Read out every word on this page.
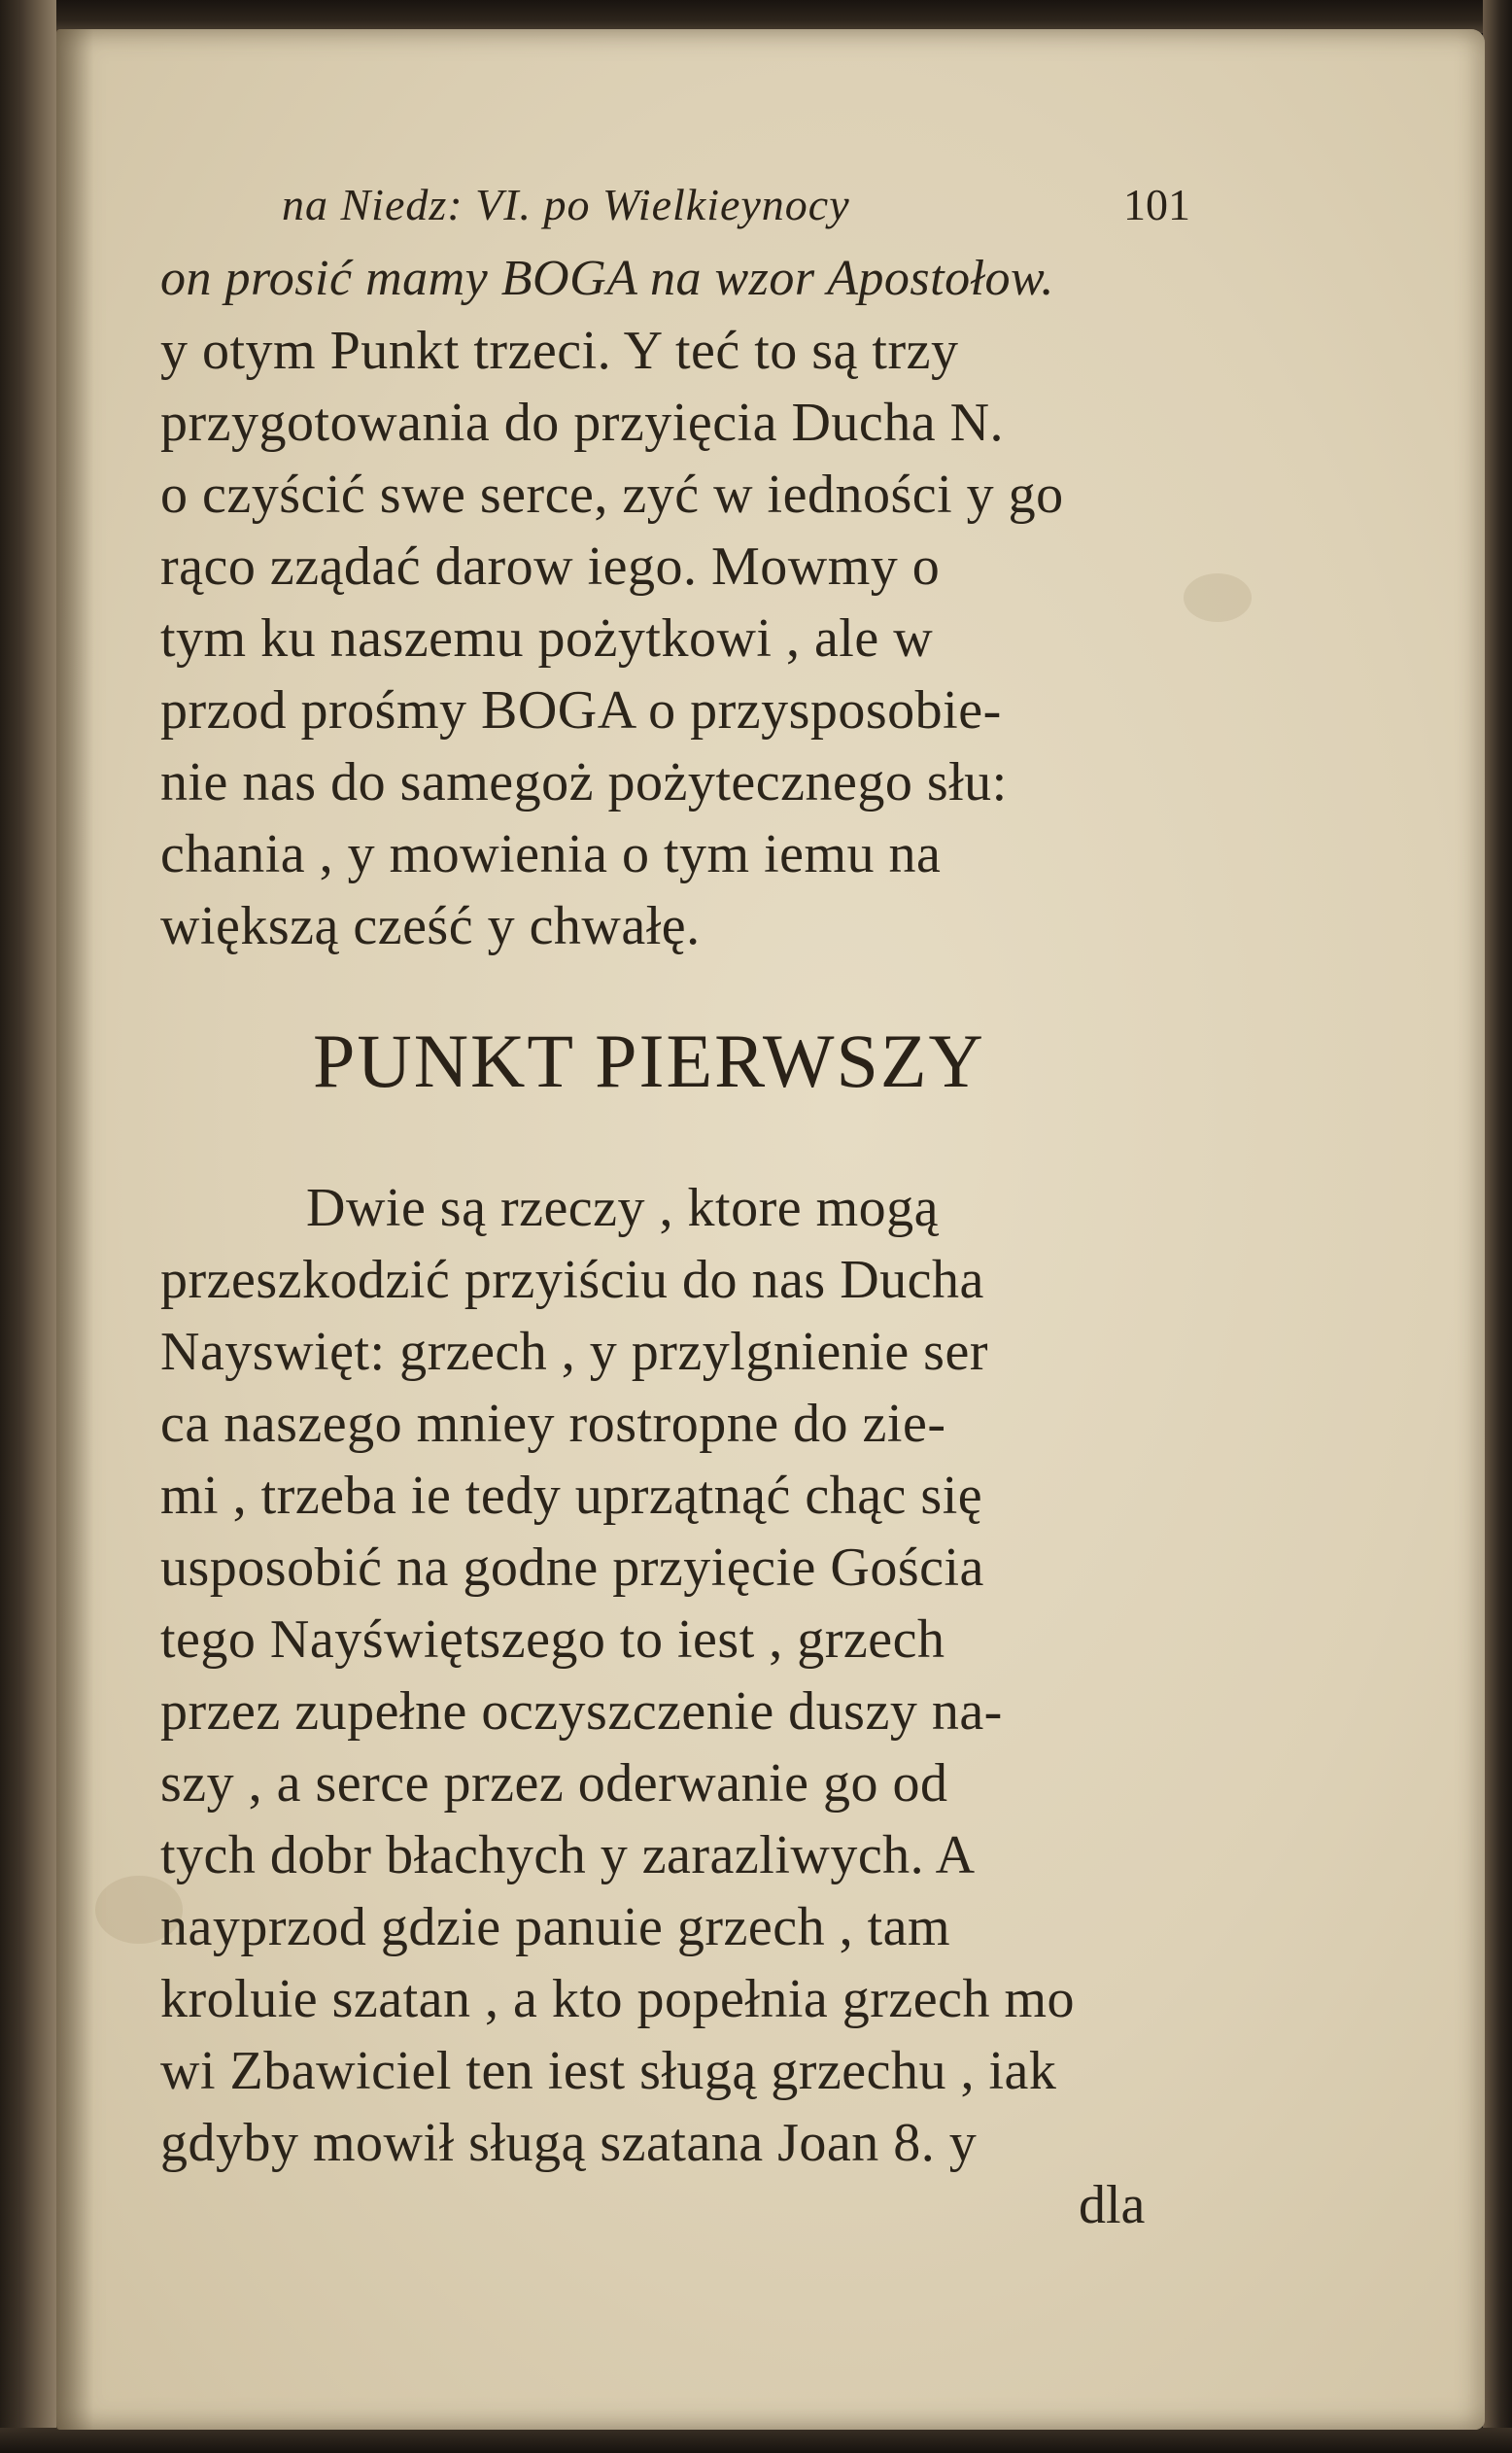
na Niedz: VI. po Wielkieynocy	101
on prosić mamy BOGA na wzor Apostołow.
y otym Punkt trzeci. Y teć to są trzy
przygotowania do przyięcia Ducha N.
o czyścić swe serce, zyć w iedności y go
rąco zządać darow iego. Mowmy o
tym ku naszemu pożytkowi , ale w
przod prośmy BOGA o przysposobie-
nie nas do samegoż pożytecznego słu:
chania , y mowienia o tym iemu na
większą cześć y chwałę.
PUNKT PIERWSZY
Dwie są rzeczy , ktore mogą
przeszkodzić przyiściu do nas Ducha
Nayswięt: grzech , y przylgnienie ser
ca naszego mniey rostropne do zie-
mi , trzeba ie tedy uprzątnąć chąc się
usposobić na godne przyięcie Gościa
tego Nayświętszego to iest , grzech
przez zupełne oczyszczenie duszy na-
szy , a serce przez oderwanie go od
tych dobr błachych y zarazliwych. A
nayprzod gdzie panuie grzech , tam
kroluie szatan , a kto popełnia grzech mo
wi Zbawiciel ten iest sługą grzechu , iak
gdyby mowił sługą szatana Joan 8. y
dla
